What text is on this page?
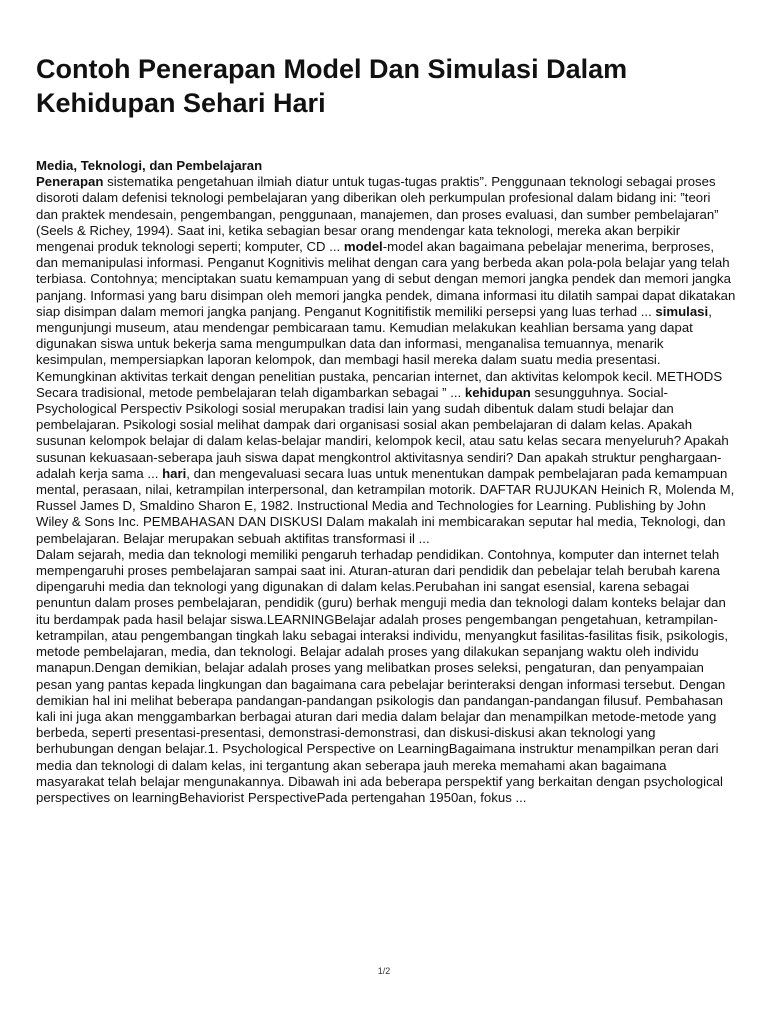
Contoh Penerapan Model Dan Simulasi Dalam Kehidupan Sehari Hari
Media, Teknologi, dan Pembelajaran

Penerapan sistematika pengetahuan ilmiah diatur untuk tugas-tugas praktis”. Penggunaan teknologi sebagai proses disoroti dalam defenisi teknologi pembelajaran yang diberikan oleh perkumpulan profesional dalam bidang ini: ”teori dan praktek mendesain, pengembangan, penggunaan, manajemen, dan proses evaluasi, dan sumber pembelajaran” (Seels & Richey, 1994). Saat ini, ketika sebagian besar orang mendengar kata teknologi, mereka akan berpikir mengenai produk teknologi seperti; komputer, CD ... model-model akan bagaimana pebelajar menerima, berproses, dan memanipulasi informasi. Penganut Kognitivis melihat dengan cara yang berbeda akan pola-pola belajar yang telah terbiasa. Contohnya; menciptakan suatu kemampuan yang di sebut dengan memori jangka pendek dan memori jangka panjang. Informasi yang baru disimpan oleh memori jangka pendek, dimana informasi itu dilatih sampai dapat dikatakan siap disimpan dalam memori jangka panjang. Penganut Kognitifistik memiliki persepsi yang luas terhad ... simulasi, mengunjungi museum, atau mendengar pembicaraan tamu. Kemudian melakukan keahlian bersama yang dapat digunakan siswa untuk bekerja sama mengumpulkan data dan informasi, menganalisa temuannya, menarik kesimpulan, mempersiapkan laporan kelompok, dan membagi hasil mereka dalam suatu media presentasi. Kemungkinan aktivitas terkait dengan penelitian pustaka, pencarian internet, dan aktivitas kelompok kecil. METHODS Secara tradisional, metode pembelajaran telah digambarkan sebagai ” ... kehidupan sesungguhnya. Social-Psychological Perspectiv Psikologi sosial merupakan tradisi lain yang sudah dibentuk dalam studi belajar dan pembelajaran. Psikologi sosial melihat dampak dari organisasi sosial akan pembelajaran di dalam kelas. Apakah susunan kelompok belajar di dalam kelas-belajar mandiri, kelompok kecil, atau satu kelas secara menyeluruh? Apakah susunan kekuasaan-seberapa jauh siswa dapat mengkontrol aktivitasnya sendiri? Dan apakah struktur penghargaan-adalah kerja sama ... hari, dan mengevaluasi secara luas untuk menentukan dampak pembelajaran pada kemampuan mental, perasaan, nilai, ketrampilan interpersonal, dan ketrampilan motorik. DAFTAR RUJUKAN Heinich R, Molenda M, Russel James D, Smaldino Sharon E, 1982. Instructional Media and Technologies for Learning. Publishing by John Wiley & Sons Inc. PEMBAHASAN DAN DISKUSI Dalam makalah ini membicarakan seputar hal media, Teknologi, dan pembelajaran. Belajar merupakan sebuah aktifitas transformasi il ...

Dalam sejarah, media dan teknologi memiliki pengaruh terhadap pendidikan. Contohnya, komputer dan internet telah mempengaruhi proses pembelajaran sampai saat ini. Aturan-aturan dari pendidik dan pebelajar telah berubah karena dipengaruhi media dan teknologi yang digunakan di dalam kelas.Perubahan ini sangat esensial, karena sebagai penuntun dalam proses pembelajaran, pendidik (guru) berhak menguji media dan teknologi dalam konteks belajar dan itu berdampak pada hasil belajar siswa.LEARNINGBelajar adalah proses pengembangan pengetahuan, ketrampilan-ketrampilan, atau pengembangan tingkah laku sebagai interaksi individu, menyangkut fasilitas-fasilitas fisik, psikologis, metode pembelajaran, media, dan teknologi. Belajar adalah proses yang dilakukan sepanjang waktu oleh individu manapun.Dengan demikian, belajar adalah proses yang melibatkan proses seleksi, pengaturan, dan penyampaian pesan yang pantas kepada lingkungan dan bagaimana cara pebelajar berinteraksi dengan informasi tersebut. Dengan demikian hal ini melihat beberapa pandangan-pandangan psikologis dan pandangan-pandangan filusuf. Pembahasan kali ini juga akan menggambarkan berbagai aturan dari media dalam belajar dan menampilkan metode-metode yang berbeda, seperti presentasi-presentasi, demonstrasi-demonstrasi, dan diskusi-diskusi akan teknologi yang berhubungan dengan belajar.1. Psychological Perspective on LearningBagaimana instruktur menampilkan peran dari media dan teknologi di dalam kelas, ini tergantung akan seberapa jauh mereka memahami akan bagaimana masyarakat telah belajar mengunakannya. Dibawah ini ada beberapa perspektif yang berkaitan dengan psychological perspectives on learningBehaviorist PerspectivePada pertengahan 1950an, fokus ...

1/2
